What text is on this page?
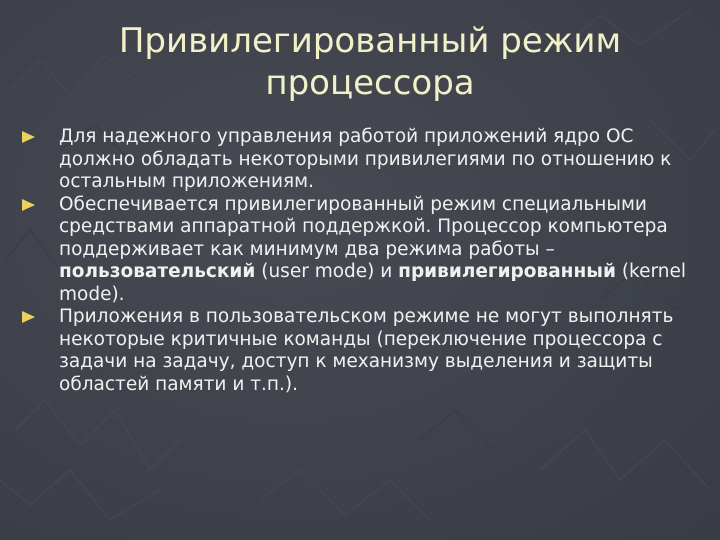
Привилегированный режим
процессора
Для надежного управления работой приложений ядро ОС должно обладать некоторыми привилегиями по отношению к остальным приложениям.
Обеспечивается привилегированный режим специальными средствами аппаратной поддержкой. Процессор компьютера поддерживает как минимум два режима работы – пользовательский (user mode) и привилегированный (kernel mode).
Приложения в пользовательском режиме не могут выполнять некоторые критичные команды (переключение процессора с задачи на задачу, доступ к механизму выделения и защиты областей памяти и т.п.).
